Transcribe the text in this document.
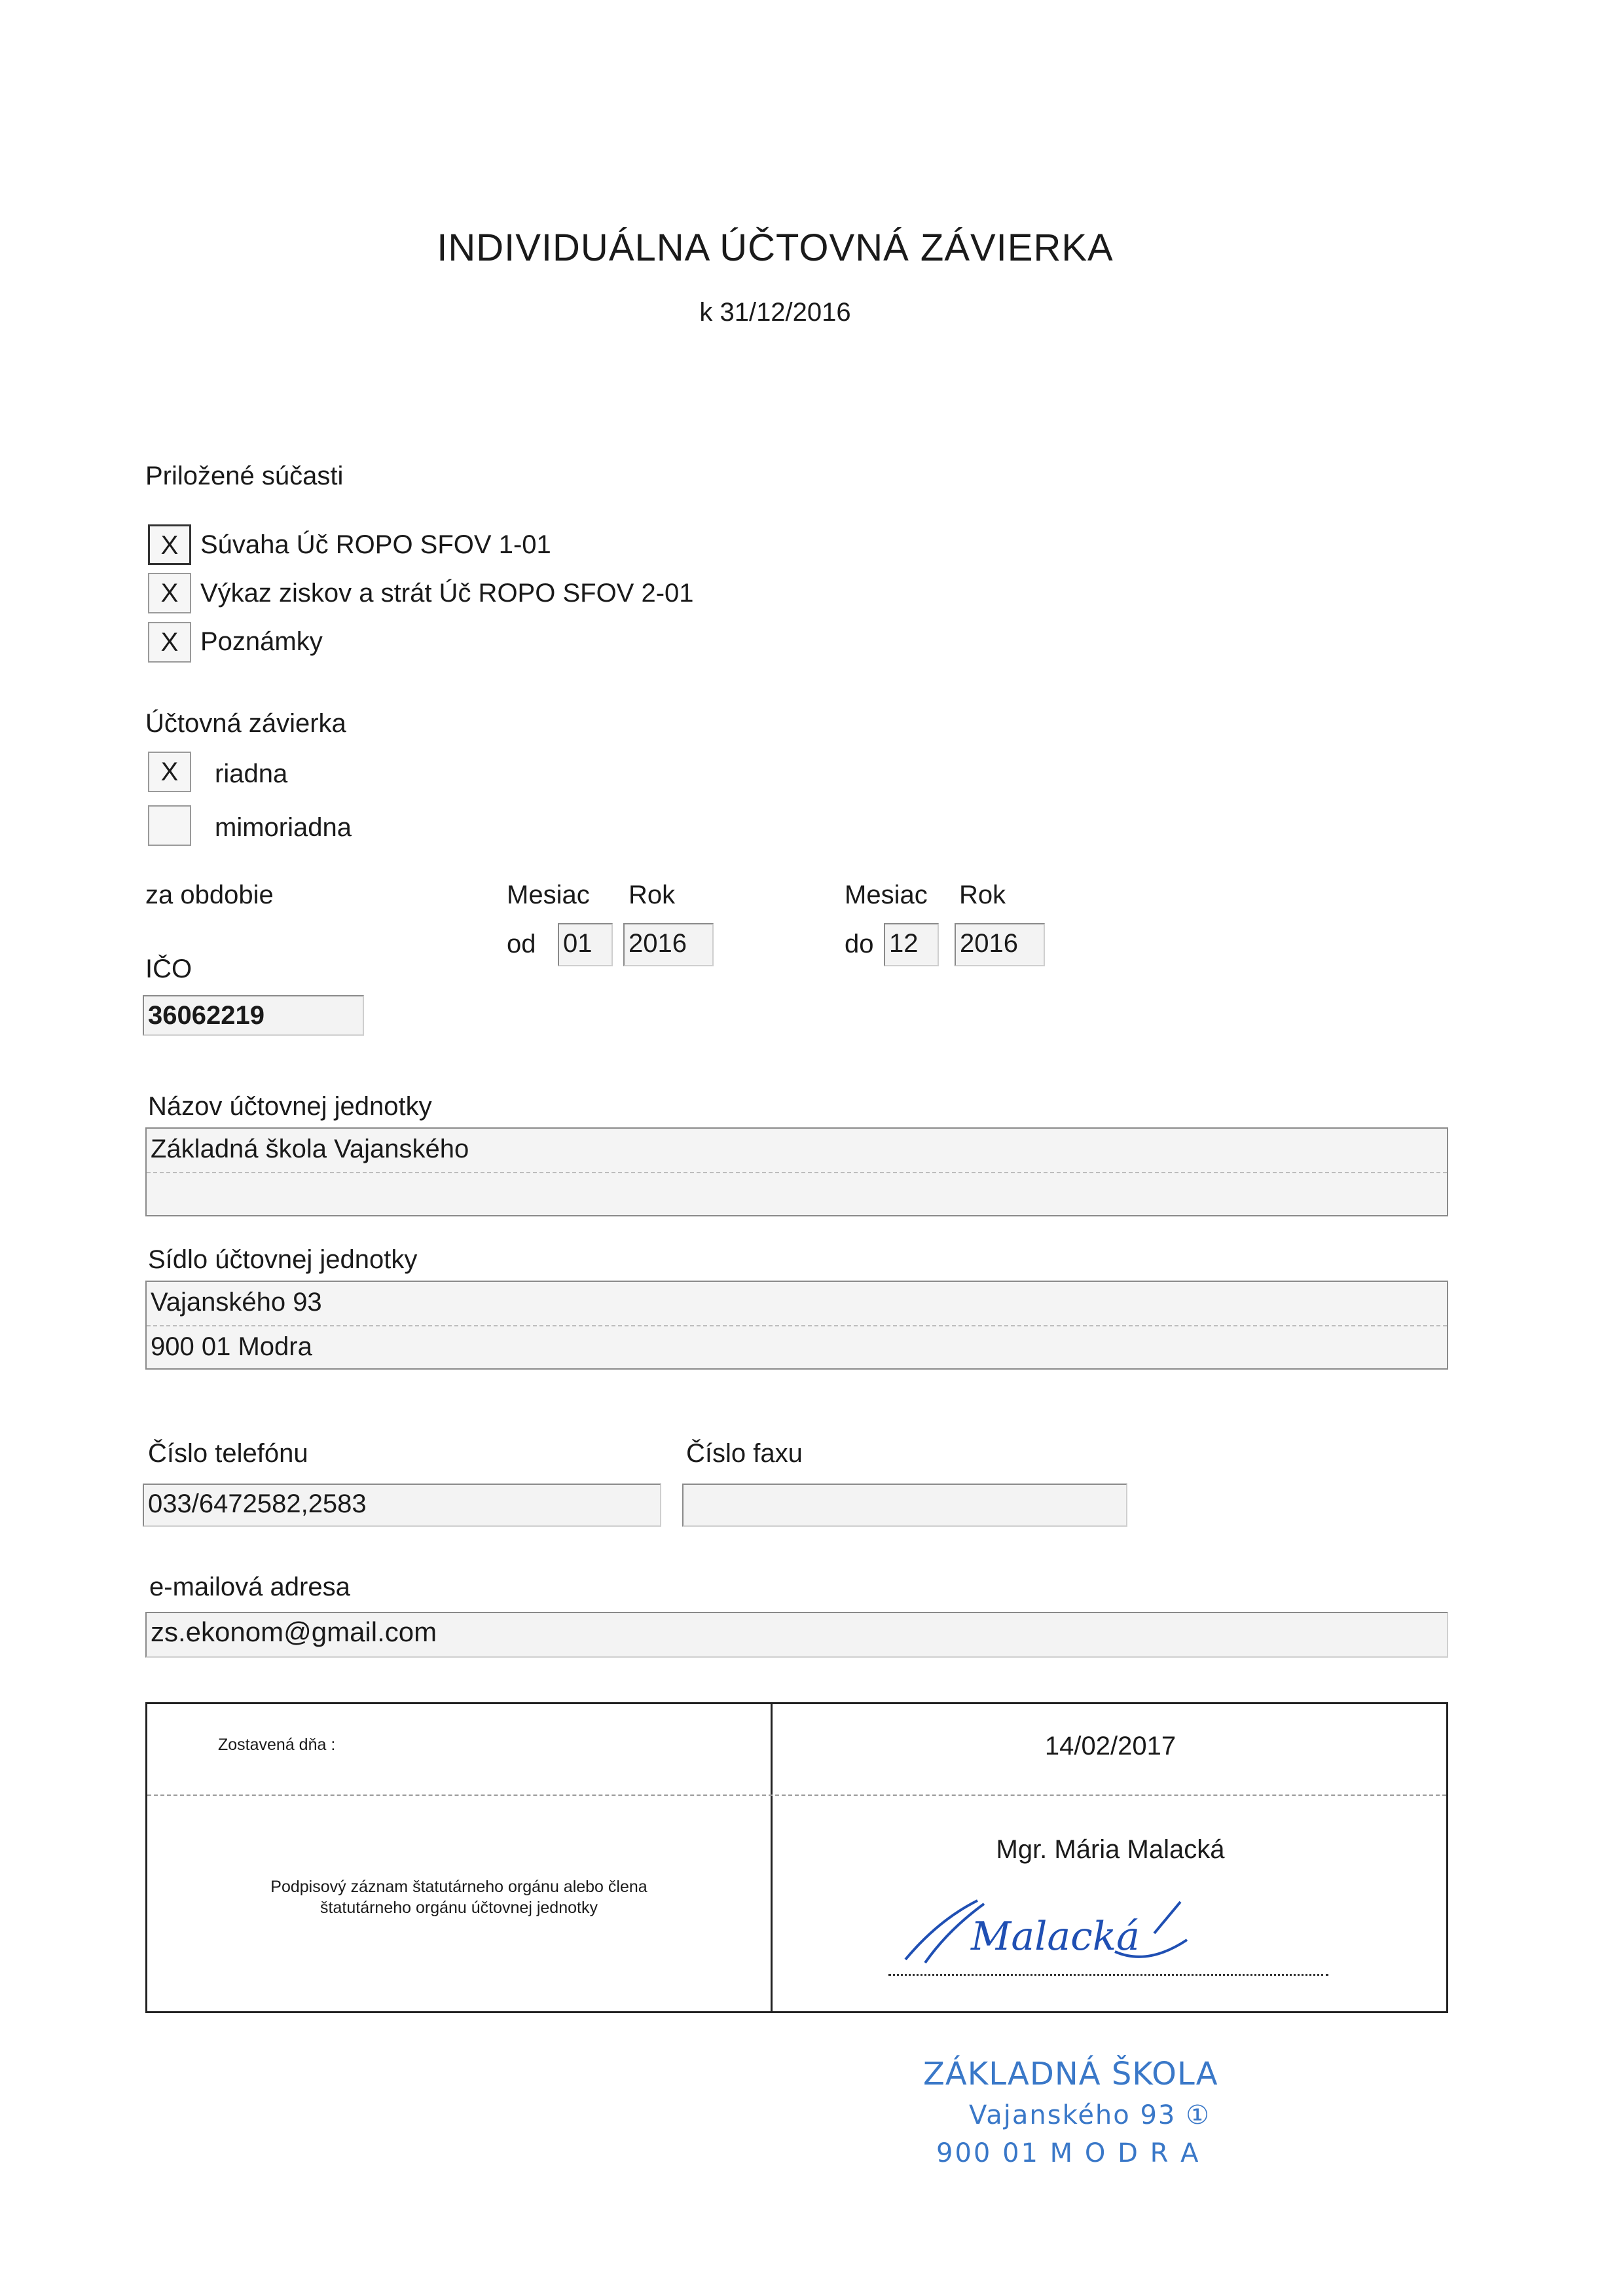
INDIVIDUÁLNA ÚČTOVNÁ ZÁVIERKA
k 31/12/2016
Priložené súčasti
X Súvaha Úč ROPO SFOV 1-01
X Výkaz ziskov a strát Úč ROPO SFOV 2-01
X Poznámky
Účtovná závierka
X	riadna
mimoriadna
za obdobie	Mesiac Rok	Mesiac Rok
od 01	2016	do 12	2016
IČO
36062219
Názov účtovnej jednotky
Základná škola Vajanského
Sídlo účtovnej jednotky
Vajanského 93
900 01 Modra
Číslo telefónu
033/6472582,2583
Číslo faxu
e-mailová adresa
zs.ekonom@gmail.com
Zostavená dňa :	14/02/2017
Podpisový záznam štatutárneho orgánu alebo člena
štatutárneho orgánu účtovnej jednotky
Mgr. Mária Malacká
Malacká
ZÁKLADNÁ ŠKOLA
Vajanského 93 ①
900 01 M O D R A
